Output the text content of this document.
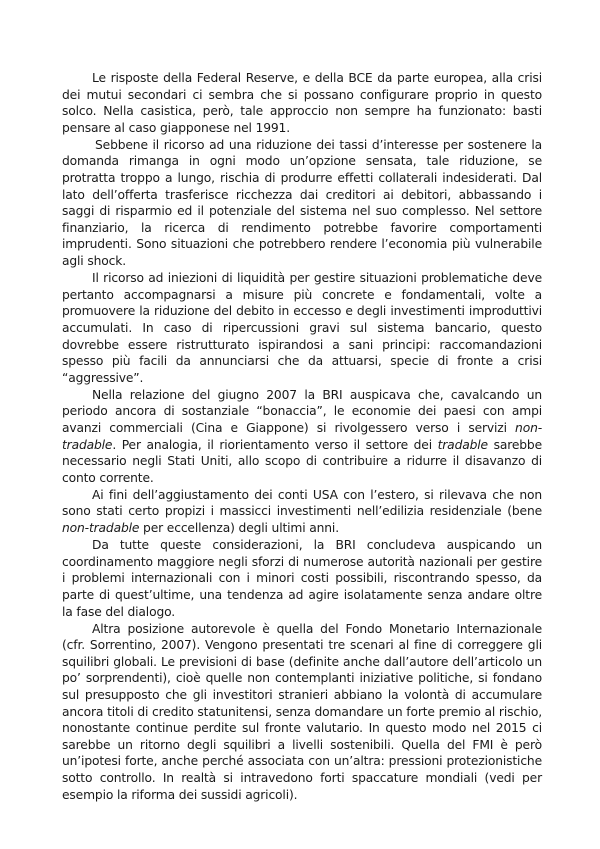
Le risposte della Federal Reserve, e della BCE da parte europea, alla crisi dei mutui secondari ci sembra che si possano configurare proprio in questo solco. Nella casistica, però, tale approccio non sempre ha funzionato: basti pensare al caso giapponese nel 1991.

Sebbene il ricorso ad una riduzione dei tassi d’interesse per sostenere la domanda rimanga in ogni modo un’opzione sensata, tale riduzione, se protratta troppo a lungo, rischia di produrre effetti collaterali indesiderati. Dal lato dell’offerta trasferisce ricchezza dai creditori ai debitori, abbassando i saggi di risparmio ed il potenziale del sistema nel suo complesso. Nel settore finanziario, la ricerca di rendimento potrebbe favorire comportamenti imprudenti. Sono situazioni che potrebbero rendere l’economia più vulnerabile agli shock.

Il ricorso ad iniezioni di liquidità per gestire situazioni problematiche deve pertanto accompagnarsi a misure più concrete e fondamentali, volte a promuovere la riduzione del debito in eccesso e degli investimenti improduttivi accumulati. In caso di ripercussioni gravi sul sistema bancario, questo dovrebbe essere ristrutturato ispirandosi a sani principi: raccomandazioni spesso più facili da annunciarsi che da attuarsi, specie di fronte a crisi “aggressive”.

Nella relazione del giugno 2007 la BRI auspicava che, cavalcando un periodo ancora di sostanziale “bonaccia”, le economie dei paesi con ampi avanzi commerciali (Cina e Giappone) si rivolgessero verso i servizi non-tradable. Per analogia, il riorientamento verso il settore dei tradable sarebbe necessario negli Stati Uniti, allo scopo di contribuire a ridurre il disavanzo di conto corrente.

Ai fini dell’aggiustamento dei conti USA con l’estero, si rilevava che non sono stati certo propizi i massicci investimenti nell’edilizia residenziale (bene non-tradable per eccellenza) degli ultimi anni.

Da tutte queste considerazioni, la BRI concludeva auspicando un coordinamento maggiore negli sforzi di numerose autorità nazionali per gestire i problemi internazionali con i minori costi possibili, riscontrando spesso, da parte di quest’ultime, una tendenza ad agire isolatamente senza andare oltre la fase del dialogo.

Altra posizione autorevole è quella del Fondo Monetario Internazionale (cfr. Sorrentino, 2007). Vengono presentati tre scenari al fine di correggere gli squilibri globali. Le previsioni di base (definite anche dall’autore dell’articolo un po’ sorprendenti), cioè quelle non contemplanti iniziative politiche, si fondano sul presupposto che gli investitori stranieri abbiano la volontà di accumulare ancora titoli di credito statunitensi, senza domandare un forte premio al rischio, nonostante continue perdite sul fronte valutario. In questo modo nel 2015 ci sarebbe un ritorno degli squilibri a livelli sostenibili. Quella del FMI è però un’ipotesi forte, anche perché associata con un’altra: pressioni protezionistiche sotto controllo. In realtà si intravedono forti spaccature mondiali (vedi per esempio la riforma dei sussidi agricoli).
